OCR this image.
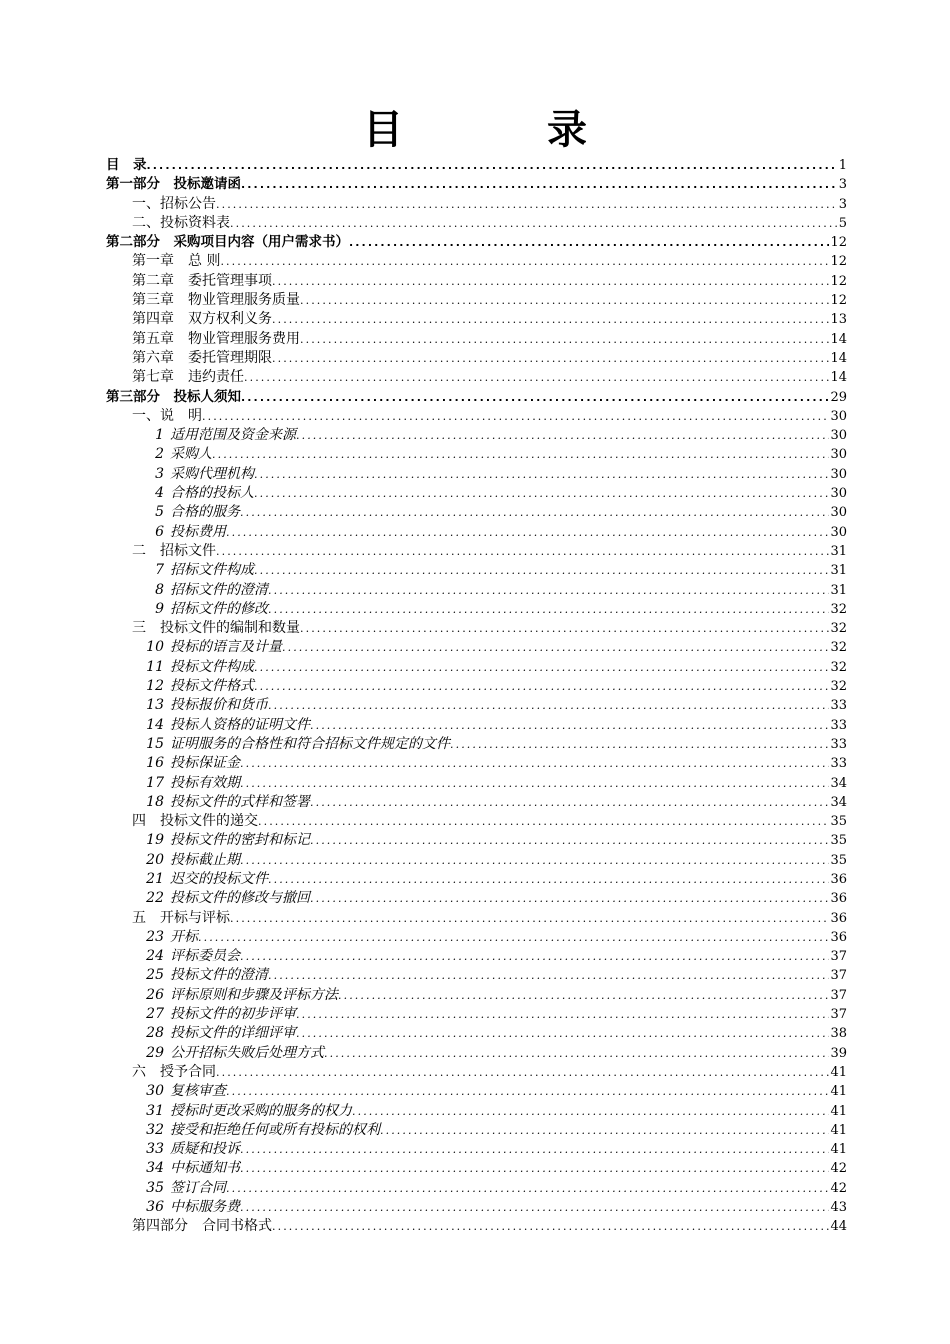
目　录
目　录 .....	1
第一部分　投标邀请函 .....	3
一、招标公告 .....	3
二、投标资料表 .....	5
第二部分　采购项目内容（用户需求书） .....	12
第一章　总 则 .....	12
第二章　委托管理事项 .....	12
第三章　物业管理服务质量 .....	12
第四章　双方权利义务 .....	13
第五章　物业管理服务费用 .....	14
第六章　委托管理期限 .....	14
第七章　违约责任 .....	14
第三部分　投标人须知 .....	29
一、说　明 .....	30
1 适用范围及资金来源 .....	30
2 采购人 .....	30
3 采购代理机构 .....	30
4 合格的投标人 .....	30
5 合格的服务 .....	30
6 投标费用 .....	30
二　招标文件 .....	31
7 招标文件构成 .....	31
8 招标文件的澄清 .....	31
9 招标文件的修改 .....	32
三　投标文件的编制和数量 .....	32
10 投标的语言及计量 .....	32
11 投标文件构成 .....	32
12 投标文件格式 .....	32
13 投标报价和货币 .....	33
14 投标人资格的证明文件 .....	33
15 证明服务的合格性和符合招标文件规定的文件 .....	33
16 投标保证金 .....	33
17 投标有效期 .....	34
18 投标文件的式样和签署 .....	34
四　投标文件的递交 .....	35
19 投标文件的密封和标记 .....	35
20 投标截止期 .....	35
21 迟交的投标文件 .....	36
22 投标文件的修改与撤回 .....	36
五　开标与评标 .....	36
23 开标 .....	36
24 评标委员会 .....	37
25 投标文件的澄清 .....	37
26 评标原则和步骤及评标方法 .....	37
27 投标文件的初步评审 .....	37
28 投标文件的详细评审 .....	38
29 公开招标失败后处理方式 .....	39
六　授予合同 .....	41
30 复核审查 .....	41
31 授标时更改采购的服务的权力 .....	41
32 接受和拒绝任何或所有投标的权利 .....	41
33 质疑和投诉 .....	41
34 中标通知书 .....	42
35 签订合同 .....	42
36 中标服务费 .....	43
第四部分　合同书格式 .....	44
